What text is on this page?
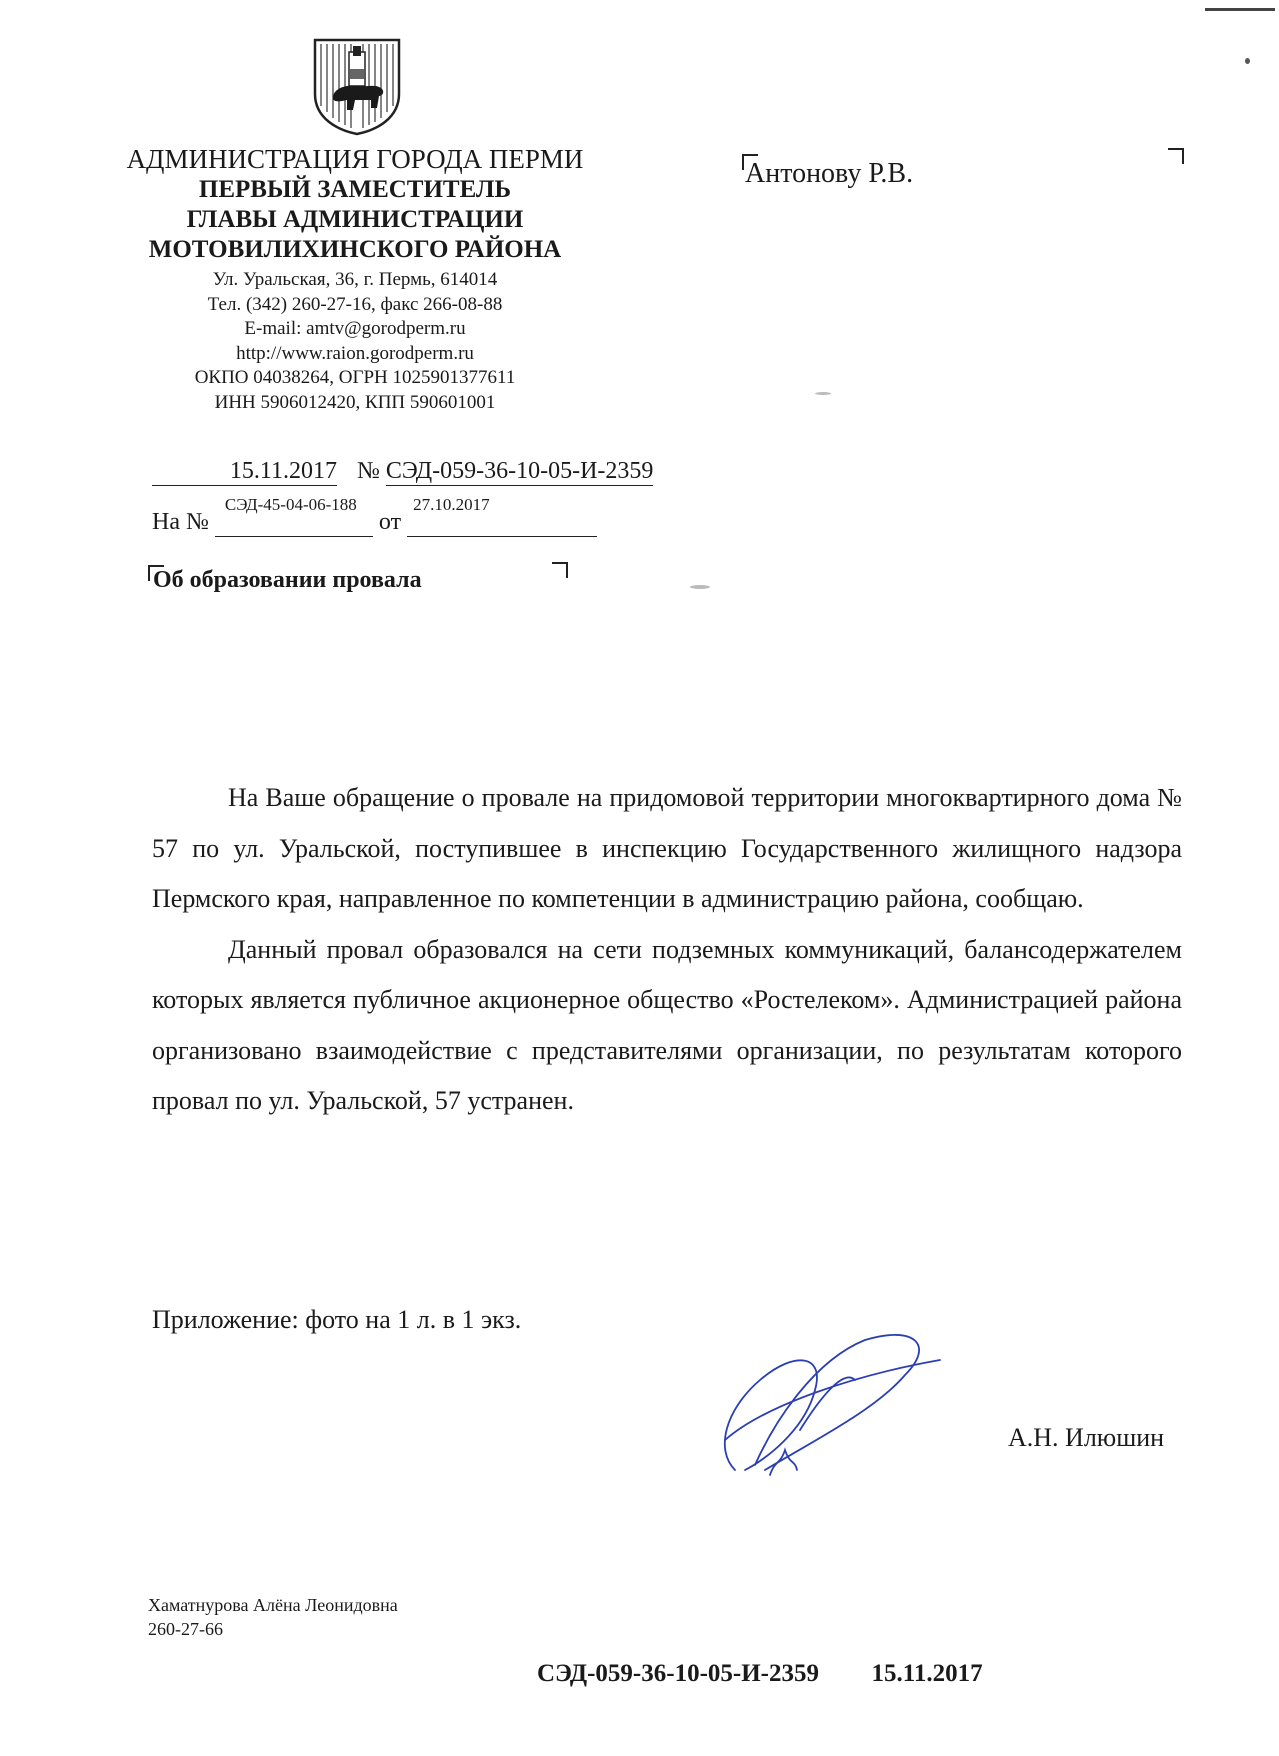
АДМИНИСТРАЦИЯ ГОРОДА ПЕРМИ
ПЕРВЫЙ ЗАМЕСТИТЕЛЬ
ГЛАВЫ АДМИНИСТРАЦИИ
МОТОВИЛИХИНСКОГО РАЙОНА
Ул. Уральская, 36, г. Пермь, 614014
Тел. (342) 260-27-16, факс 266-08-88
E-mail: amtv@gorodperm.ru
http://www.raion.gorodperm.ru
ОКПО 04038264, ОГРН 1025901377611
ИНН 5906012420, КПП 590601001
Антонову Р.В.
15.11.2017 № СЭД-059-36-10-05-И-2359
На №
СЭД-45-04-06-188
от
27.10.2017

Об образовании провала

На Ваше обращение о провале на придомовой территории многоквартирного дома № 57 по ул. Уральской, поступившее в инспекцию Государственного жилищного надзора Пермского края, направленное по компетенции в администрацию района, сообщаю.

Данный провал образовался на сети подземных коммуникаций, балансодержателем которых является публичное акционерное общество «Ростелеком». Администрацией района организовано взаимодействие с представителями организации, по результатам которого провал по ул. Уральской, 57 устранен.

Приложение: фото на 1 л. в 1 экз.
А.Н. Илюшин
Хаматнурова Алёна Леонидовна
260-27-66
СЭД-059-36-10-05-И-2359 15.11.2017
